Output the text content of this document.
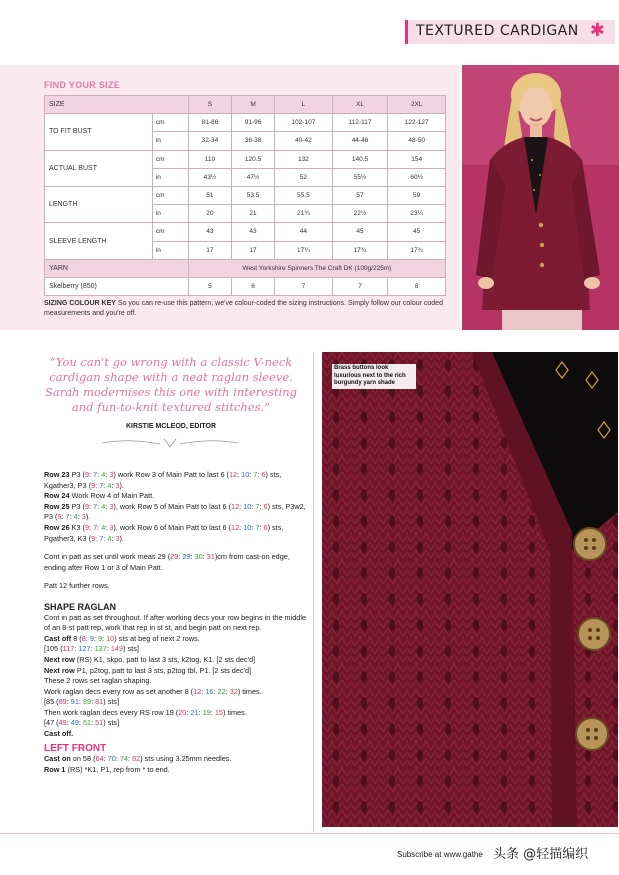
TEXTURED CARDIGAN ✱
FIND YOUR SIZE
SIZE		S	M	L	XL	2XL
TO FIT BUST	cm	81-86	91-96	102-107	112-117	122-127
	in	32-34	36-38	40-42	44-46	48-50
ACTUAL BUST	cm	110	120.5	132	140.5	154
	in	43½	47½	52	55½	60½
LENGTH	cm	51	53.5	55.5	57	59
	in	20	21	21¾	22½	23¼
SLEEVE LENGTH	cm	43	43	44	45	45
	in	17	17	17¼	17¾	17¾
YARN		West Yorkshire Spinners The Craft DK (100g/225m)				
Skelberry (850)		5	6	7	7	8
SIZING COLOUR KEY So you can re-use this pattern, we've colour-coded the sizing instructions. Simply follow our colour coded measurements and you're off.
“You can't go wrong with a classic V-neck cardigan shape with a neat raglan sleeve. Sarah modernises this one with interesting and fun-to-knit textured stitches.”
KIRSTIE MCLEOD, EDITOR

Row 23 P3 (9: 7: 4: 3) work Row 3 of Main Patt to last 6 (12: 10: 7: 6) sts, Kgather3, P3 (9: 7: 4: 3).

Row 24 Work Row 4 of Main Patt.

Row 25 P3 (9: 7: 4: 3), work Row 5 of Main Patt to last 6 (12: 10: 7: 6) sts, P3w2, P3 (9: 7: 4: 3).

Row 26 K3 (9: 7: 4: 3), work Row 6 of Main Patt to last 6 (12: 10: 7: 6) sts, Pgather3, K3 (9: 7: 4: 3).

Cont in patt as set until work meas 29 (29: 29: 30: 31)cm from cast-on edge, ending after Row 1 or 3 of Main Patt.

Patt 12 further rows.

SHAPE RAGLAN

Cont in patt as set throughout. If after working decs your row begins in the middle of an 8-st patt rep, work that rep in st st, and begin patt on next rep.

Cast off 8 (8: 9: 9: 10) sts at beg of next 2 rows.

[105 (117: 127: 137: 149) sts]

Next row (RS) K1, skpo, patt to last 3 sts, k2tog, K1. [2 sts dec'd]

Next row P1, p2tog, patt to last 3 sts, p2tog tbl, P1. [2 sts dec'd]

These 2 rows set raglan shaping.

Work raglan decs every row as set another 8 (12: 16: 22: 32) times.

[85 (89: 91: 89: 81) sts]

Then work raglan decs every RS row 19 (20: 21: 19: 15) times.

[47 (49: 49: 51: 51) sts]

Cast off.

LEFT FRONT

Cast on on 58 (64: 70: 74: 82) sts using 3.25mm needles.

Row 1 (RS) *K1, P1, rep from * to end.

Brass buttons look luxurious next to the rich burgundy yarn shade
Subscribe at www.gathe 头条 @轻描编织
